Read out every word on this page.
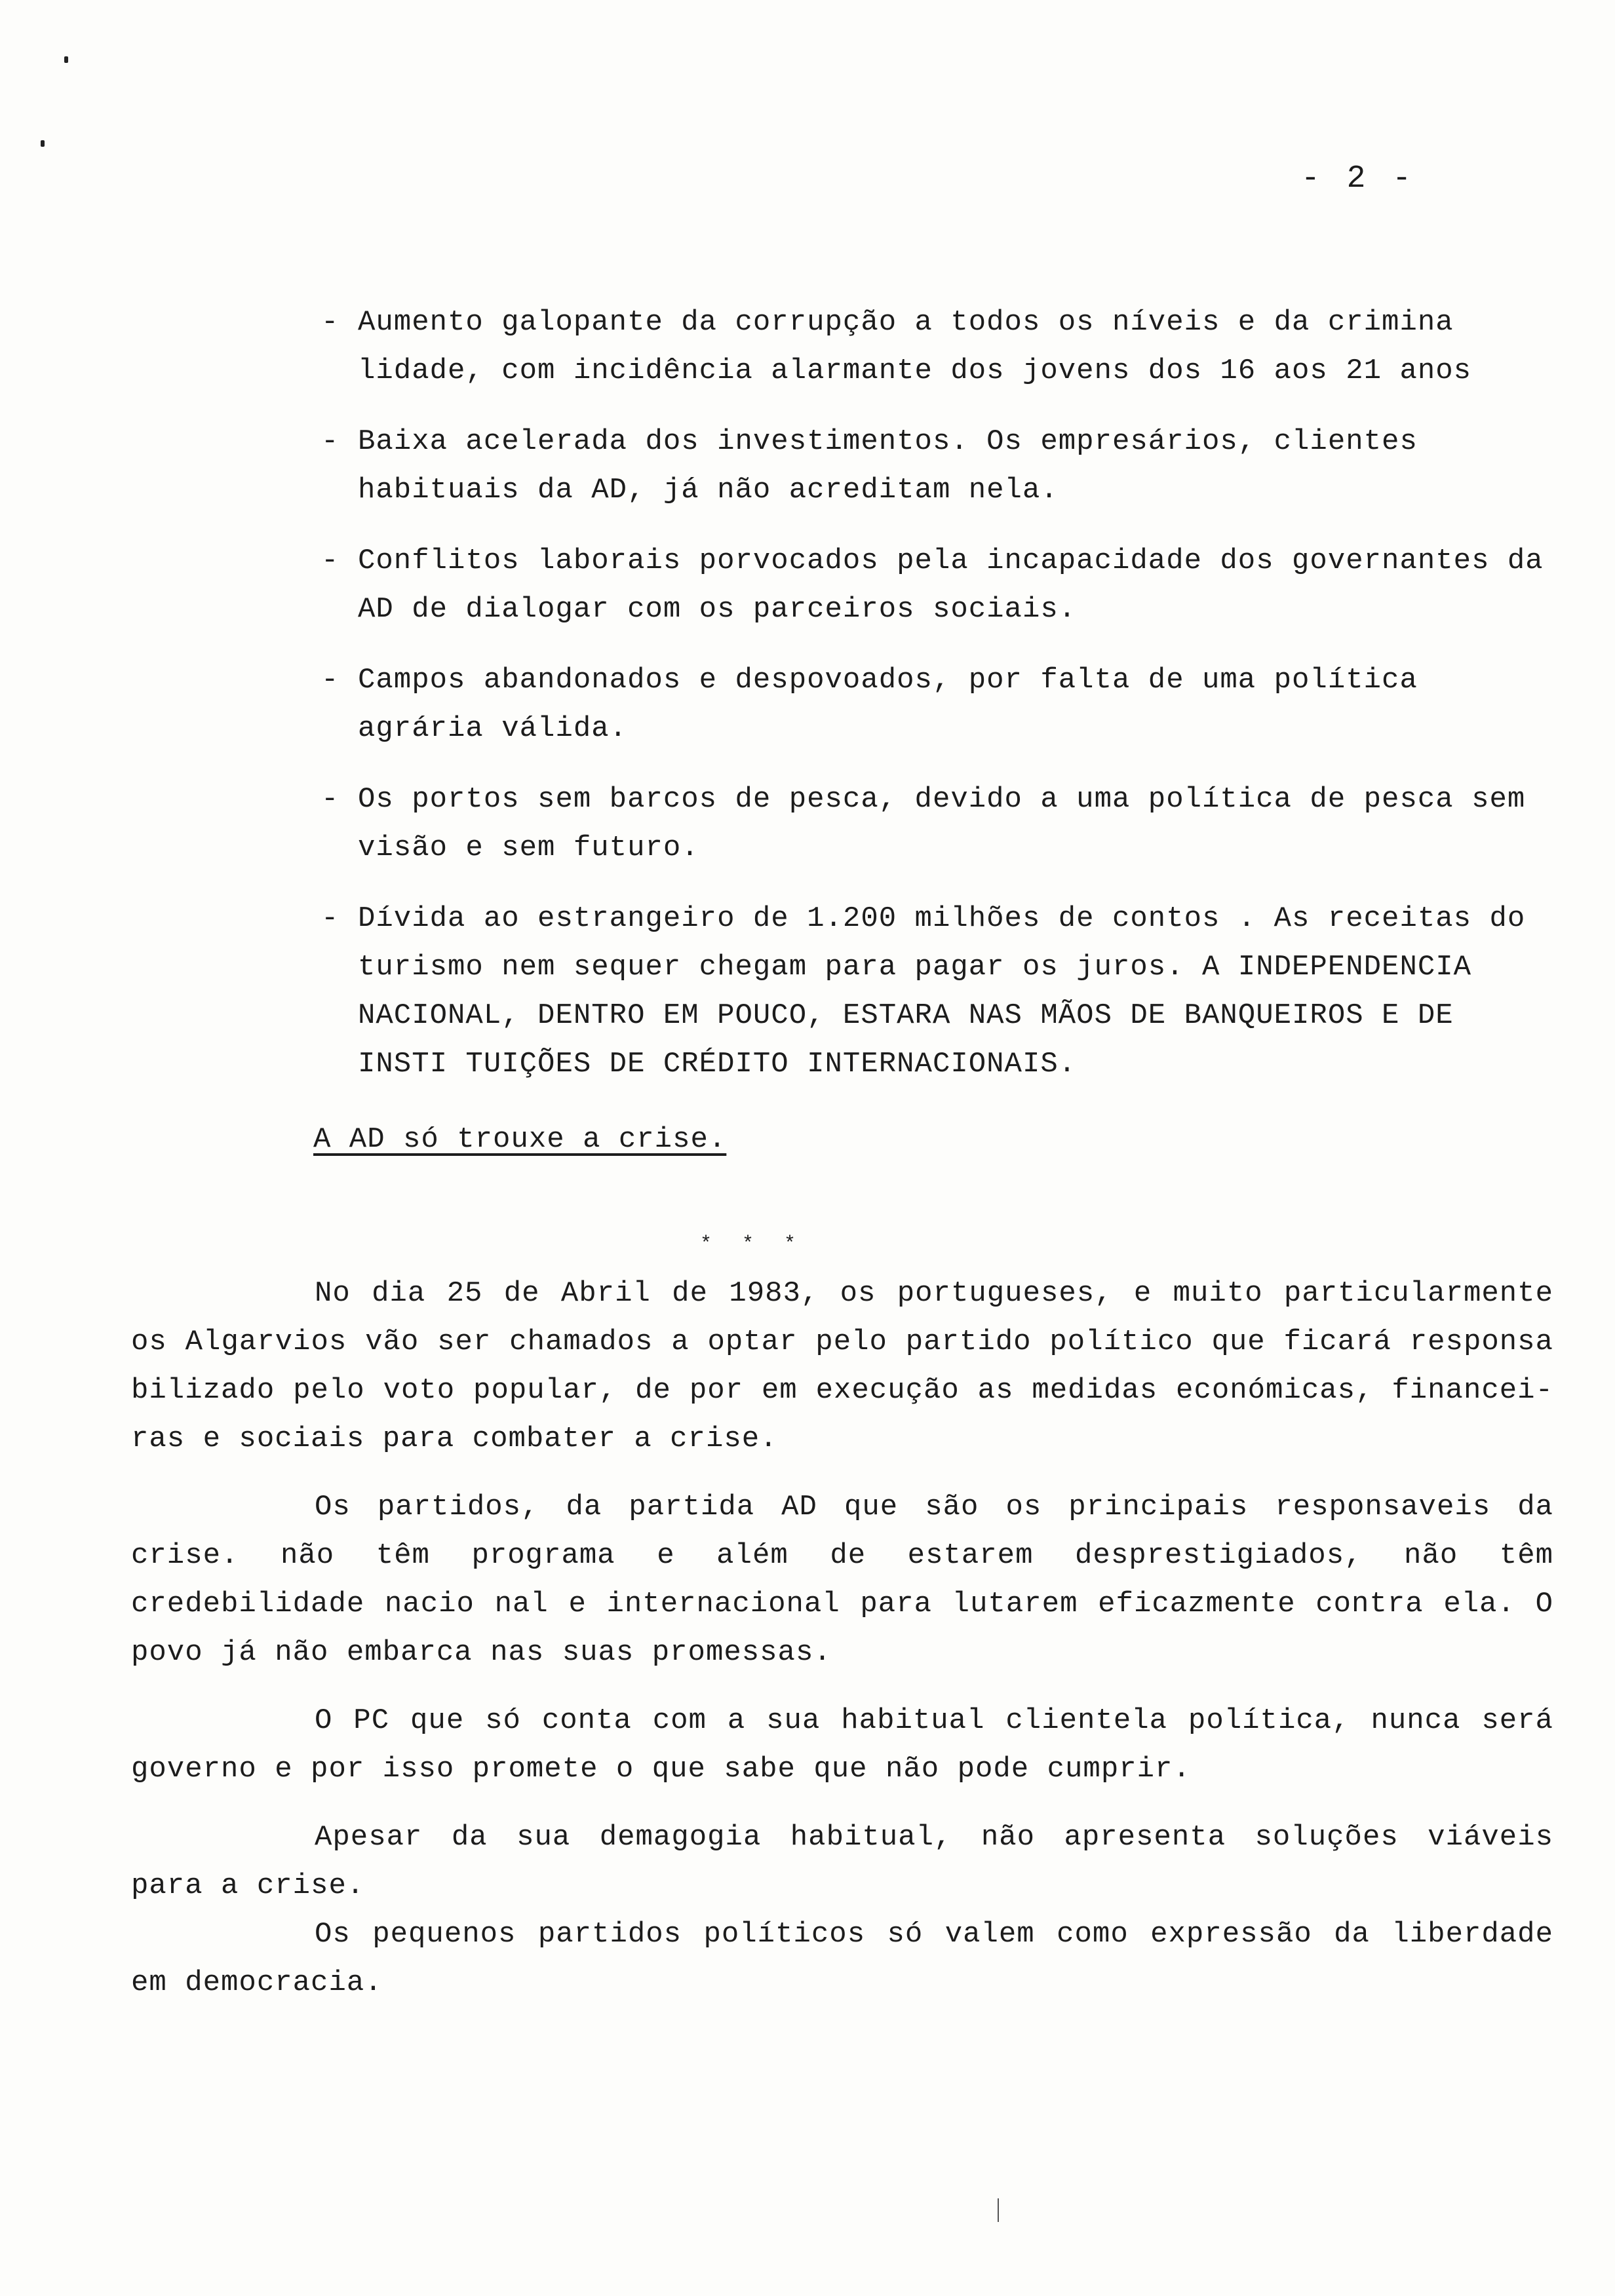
- 2 -
- Aumento galopante da corrupção a todos os níveis e da crimina lidade, com incidência alarmante dos jovens dos 16 aos 21 anos
- Baixa acelerada dos investimentos. Os empresários, clientes habituais da AD, já não acreditam nela.
- Conflitos laborais porvocados pela incapacidade dos governantes da AD de dialogar com os parceiros sociais.
- Campos abandonados e despovoados, por falta de uma política agrária válida.
- Os portos sem barcos de pesca, devido a uma política de pesca sem visão e sem futuro.
- Dívida ao estrangeiro de 1.200 milhões de contos . As receitas do turismo nem sequer chegam para pagar os juros. A INDEPENDENCIA NACIONAL, DENTRO EM POUCO, ESTARA NAS MÃOS DE BANQUEIROS E DE INSTI TUIÇÕES DE CRÉDITO INTERNACIONAIS.
A AD só trouxe a crise.
* * *

No dia 25 de Abril de 1983, os portugueses, e muito particularmente os Algarvios vão ser chamados a optar pelo partido político que ficará responsa bilizado pelo voto popular, de por em execução as medidas económicas, financei- ras e sociais para combater a crise.

Os partidos, da partida AD que são os principais responsaveis da crise. não têm programa e além de estarem desprestigiados, não têm credebilidade nacio nal e internacional para lutarem eficazmente contra ela. O povo já não embarca nas suas promessas.

O PC que só conta com a sua habitual clientela política, nunca será governo e por isso promete o que sabe que não pode cumprir.

Apesar da sua demagogia habitual, não apresenta soluções viáveis para a crise.

Os pequenos partidos políticos só valem como expressão da liberdade em democracia.
